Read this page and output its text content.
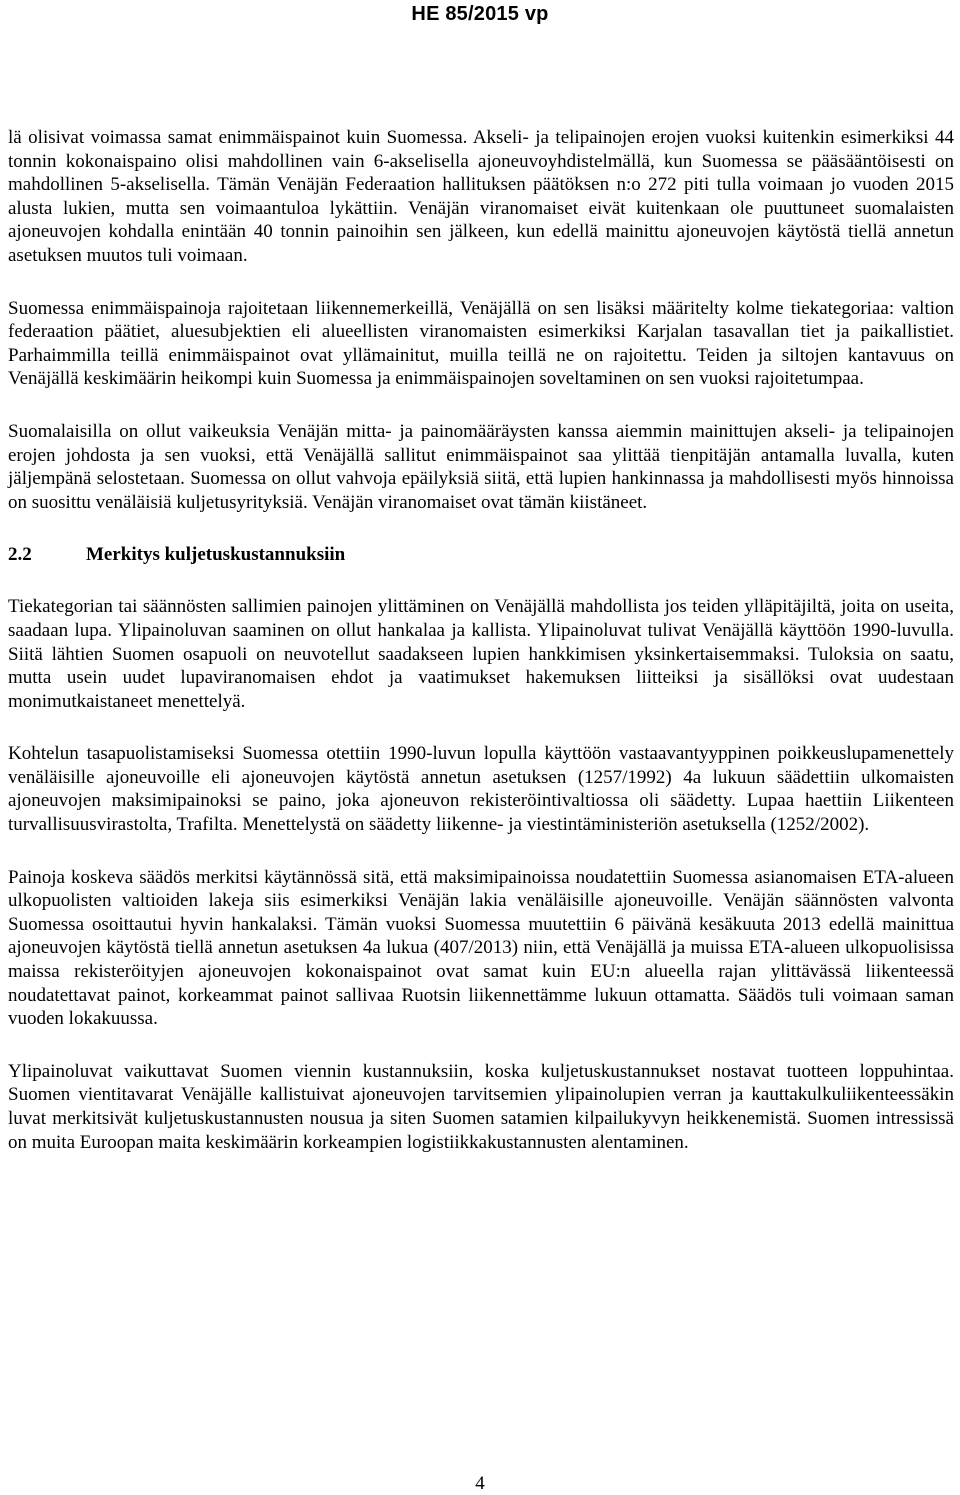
HE 85/2015 vp

lä olisivat voimassa samat enimmäispainot kuin Suomessa. Akseli- ja telipainojen erojen vuoksi kuitenkin esimerkiksi 44 tonnin kokonaispaino olisi mahdollinen vain 6-akselisella ajoneuvoyhdistelmällä, kun Suomessa se pääsääntöisesti on mahdollinen 5-akselisella. Tämän Venäjän Federaation hallituksen päätöksen n:o 272 piti tulla voimaan jo vuoden 2015 alusta lukien, mutta sen voimaantuloa lykättiin. Venäjän viranomaiset eivät kuitenkaan ole puuttuneet suomalaisten ajoneuvojen kohdalla enintään 40 tonnin painoihin sen jälkeen, kun edellä mainittu ajoneuvojen käytöstä tiellä annetun asetuksen muutos tuli voimaan.

Suomessa enimmäispainoja rajoitetaan liikennemerkeillä, Venäjällä on sen lisäksi määritelty kolme tiekategoriaa: valtion federaation päätiet, aluesubjektien eli alueellisten viranomaisten esimerkiksi Karjalan tasavallan tiet ja paikallistiet. Parhaimmilla teillä enimmäispainot ovat yllämainitut, muilla teillä ne on rajoitettu. Teiden ja siltojen kantavuus on Venäjällä keskimäärin heikompi kuin Suomessa ja enimmäispainojen soveltaminen on sen vuoksi rajoitetumpaa.

Suomalaisilla on ollut vaikeuksia Venäjän mitta- ja painomääräysten kanssa aiemmin mainittujen akseli- ja telipainojen erojen johdosta ja sen vuoksi, että Venäjällä sallitut enimmäispainot saa ylittää tienpitäjän antamalla luvalla, kuten jäljempänä selostetaan. Suomessa on ollut vahvoja epäilyksiä siitä, että lupien hankinnassa ja mahdollisesti myös hinnoissa on suosittu venäläisiä kuljetusyrityksiä. Venäjän viranomaiset ovat tämän kiistäneet.

2.2	Merkitys kuljetuskustannuksiin

Tiekategorian tai säännösten sallimien painojen ylittäminen on Venäjällä mahdollista jos teiden ylläpitäjiltä, joita on useita, saadaan lupa. Ylipainoluvan saaminen on ollut hankalaa ja kallista. Ylipainoluvat tulivat Venäjällä käyttöön 1990-luvulla. Siitä lähtien Suomen osapuoli on neuvotellut saadakseen lupien hankkimisen yksinkertaisemmaksi. Tuloksia on saatu, mutta usein uudet lupaviranomaisen ehdot ja vaatimukset hakemuksen liitteiksi ja sisällöksi ovat uudestaan monimutkaistaneet menettelyä.

Kohtelun tasapuolistamiseksi Suomessa otettiin 1990-luvun lopulla käyttöön vastaavantyyppinen poikkeuslupamenettely venäläisille ajoneuvoille eli ajoneuvojen käytöstä annetun asetuksen (1257/1992) 4a lukuun säädettiin ulkomaisten ajoneuvojen maksimipainoksi se paino, joka ajoneuvon rekisteröintivaltiossa oli säädetty. Lupaa haettiin Liikenteen turvallisuusvirastolta, Trafilta. Menettelystä on säädetty liikenne- ja viestintäministeriön asetuksella (1252/2002).

Painoja koskeva säädös merkitsi käytännössä sitä, että maksimipainoissa noudatettiin Suomessa asianomaisen ETA-alueen ulkopuolisten valtioiden lakeja siis esimerkiksi Venäjän lakia venäläisille ajoneuvoille. Venäjän säännösten valvonta Suomessa osoittautui hyvin hankalaksi. Tämän vuoksi Suomessa muutettiin 6 päivänä kesäkuuta 2013 edellä mainittua ajoneuvojen käytöstä tiellä annetun asetuksen 4a lukua (407/2013) niin, että Venäjällä ja muissa ETA-alueen ulkopuolisissa maissa rekisteröityjen ajoneuvojen kokonaispainot ovat samat kuin EU:n alueella rajan ylittävässä liikenteessä noudatettavat painot, korkeammat painot sallivaa Ruotsin liikennettämme lukuun ottamatta. Säädös tuli voimaan saman vuoden lokakuussa.

Ylipainoluvat vaikuttavat Suomen viennin kustannuksiin, koska kuljetuskustannukset nostavat tuotteen loppuhintaa. Suomen vientitavarat Venäjälle kallistuivat ajoneuvojen tarvitsemien ylipainolupien verran ja kauttakulkuliikenteessäkin luvat merkitsivät kuljetuskustannusten nousua ja siten Suomen satamien kilpailukyvyn heikkenemistä. Suomen intressissä on muita Euroopan maita keskimäärin korkeampien logistiikkakustannusten alentaminen.

4
